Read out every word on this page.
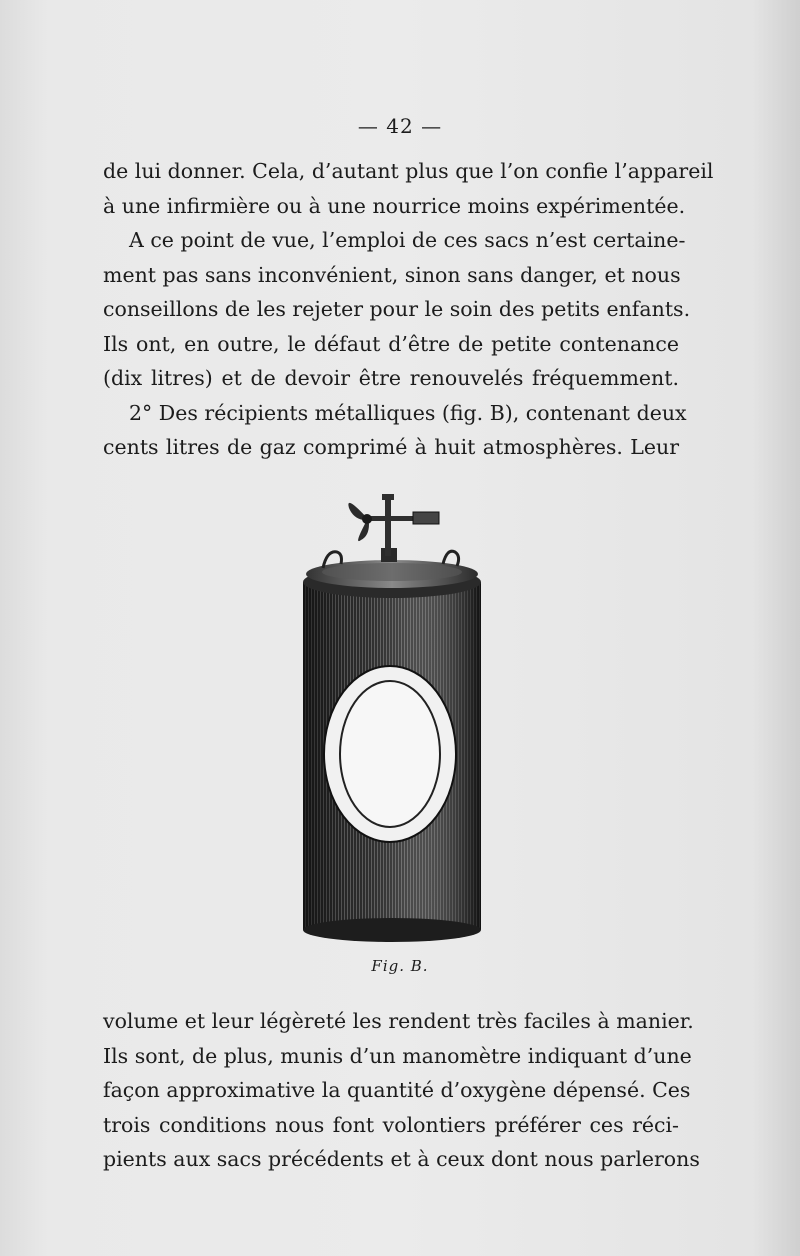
— 42 —
de lui donner. Cela, d’autant plus que l’on confie l’appareil
à une infirmière ou à une nourrice moins expérimentée.
A ce point de vue, l’emploi de ces sacs n’est certaine-
ment pas sans inconvénient, sinon sans danger, et nous
conseillons de les rejeter pour le soin des petits enfants.
Ils ont, en outre, le défaut d’être de petite contenance
(dix litres) et de devoir être renouvelés fréquemment.
2° Des récipients métalliques (fig. B), contenant deux
cents litres de gaz comprimé à huit atmosphères. Leur
Fig. B.
volume et leur légèreté les rendent très faciles à manier.
Ils sont, de plus, munis d’un manomètre indiquant d’une
façon approximative la quantité d’oxygène dépensé. Ces
trois conditions nous font volontiers préférer ces réci-
pients aux sacs précédents et à ceux dont nous parlerons
